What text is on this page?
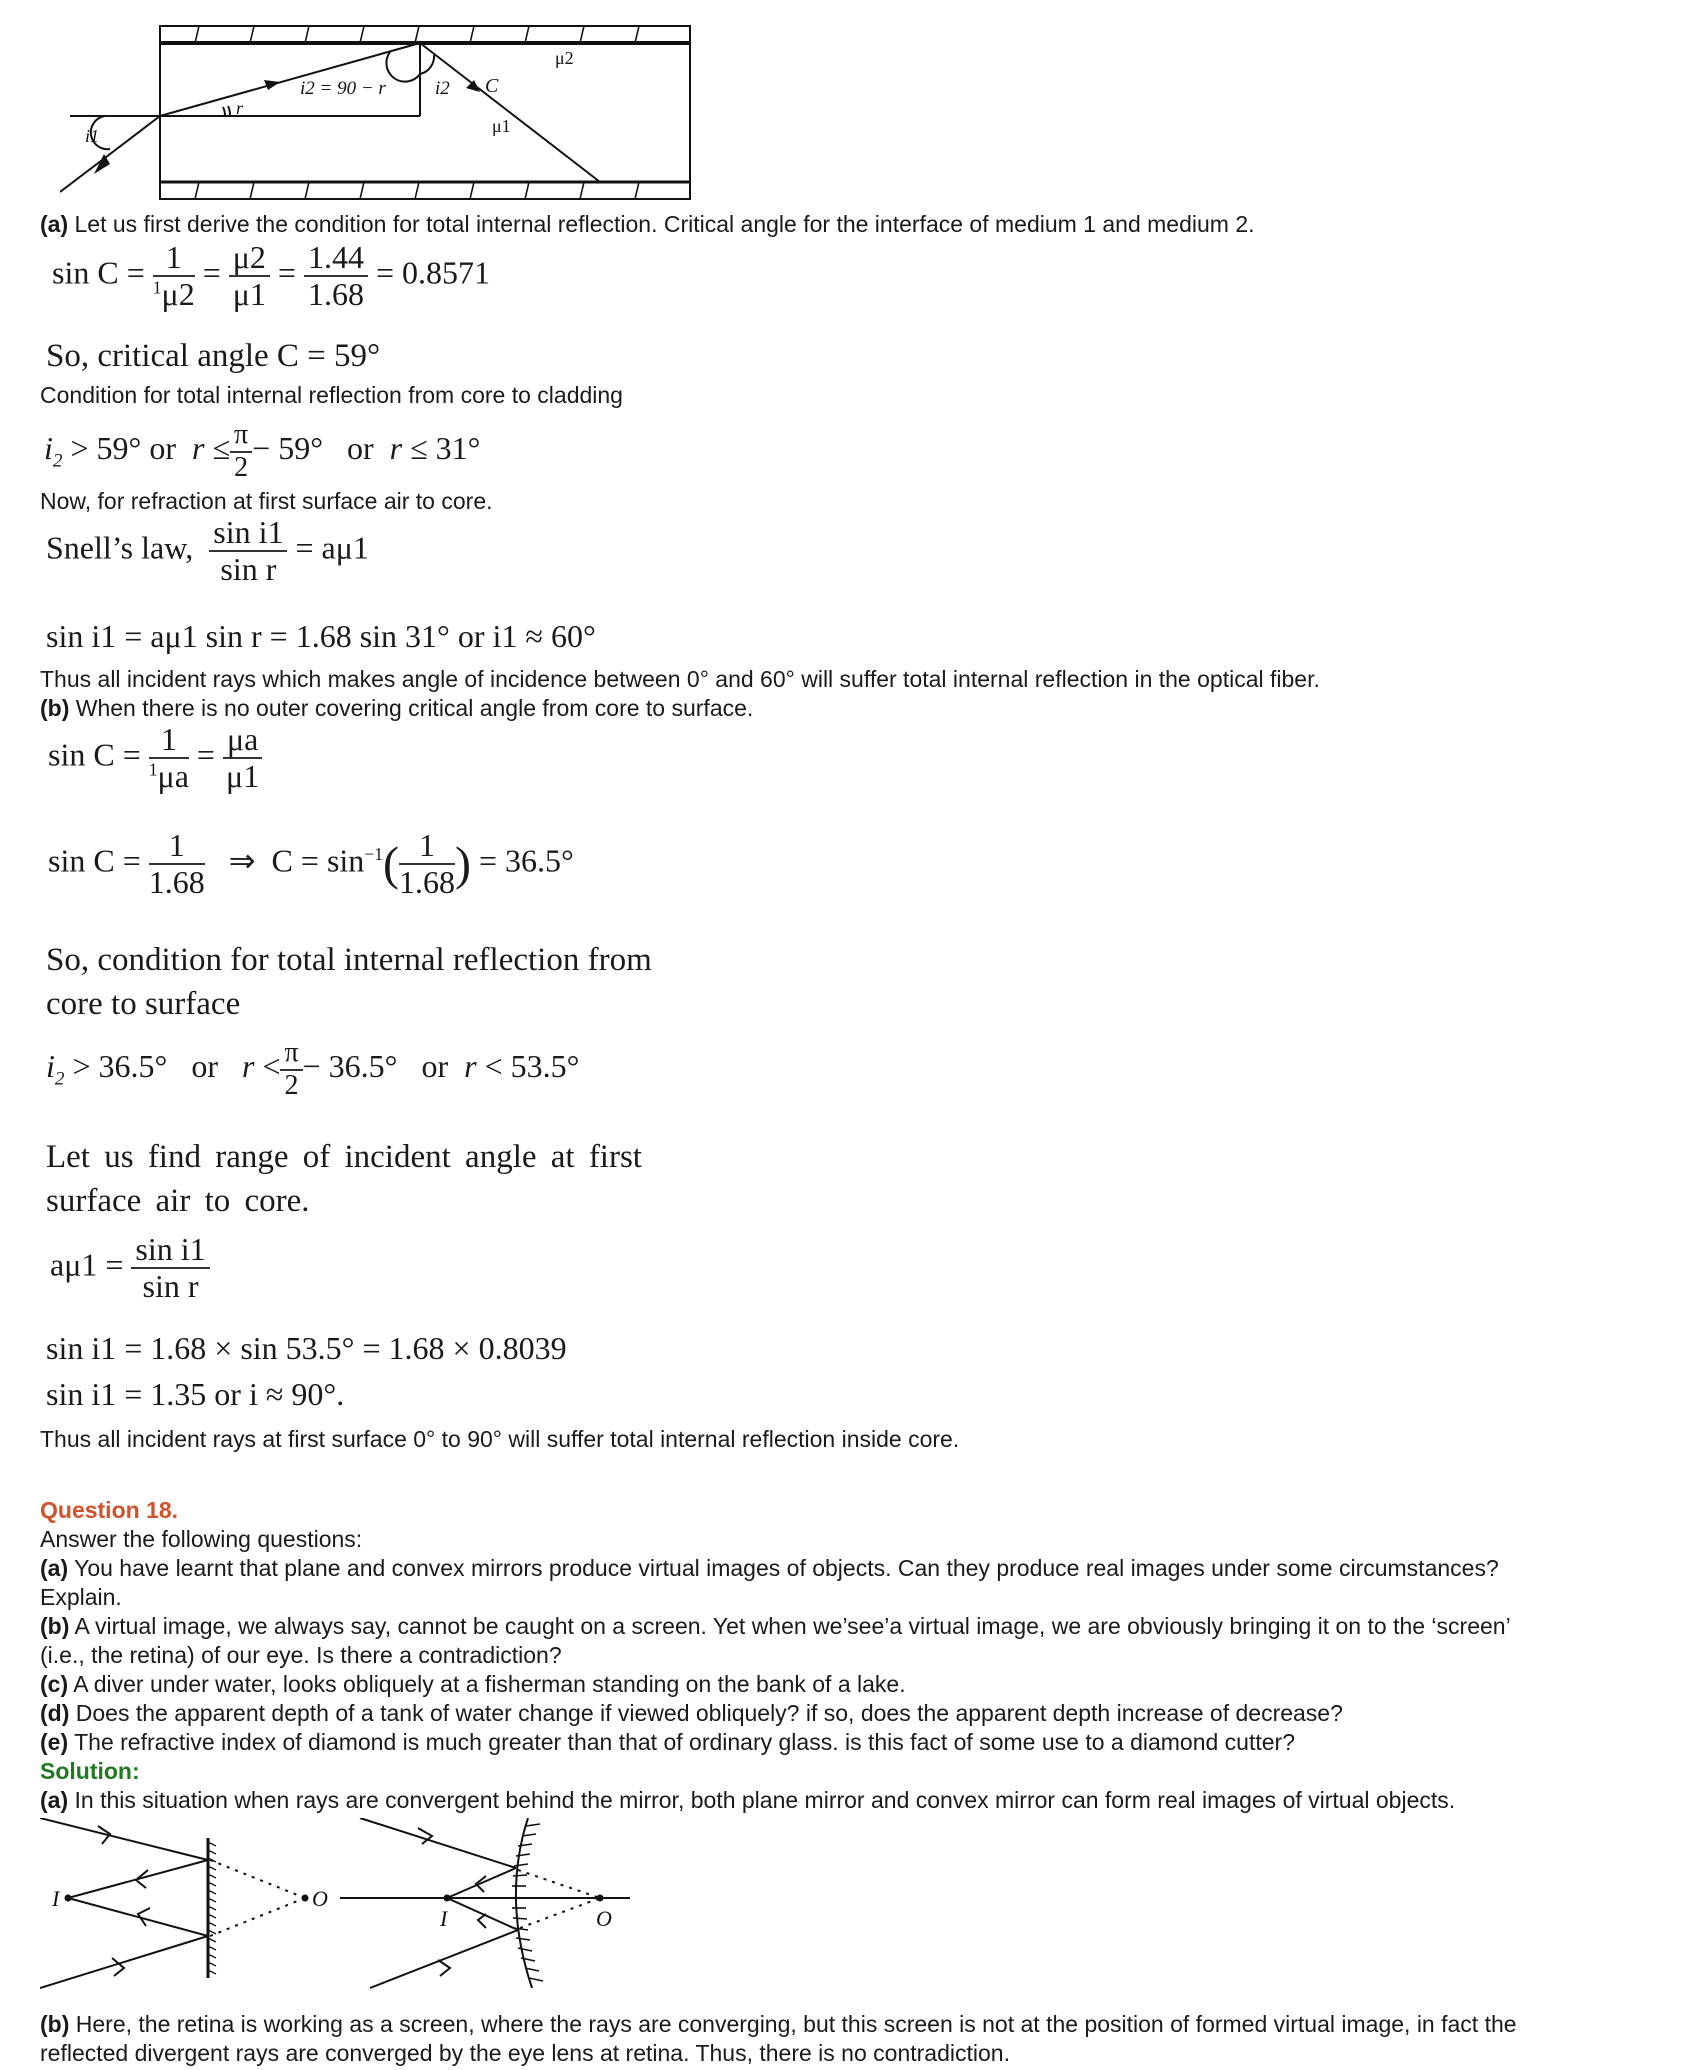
i2 = 90 − r	i2 C
μ2
μ1
r
i1
(a) Let us first derive the condition for total internal reflection. Critical angle for the interface of medium 1 and medium 2.
$\sin C = \frac{1}{^1\mu 2} = \frac{\mu 2}{\mu 1} = \frac{1.44}{1.68} = 0.8571$
So, critical angle C = 59°
Condition for total internal reflection from core to cladding
$i_2 > 59^\circ$ or $r \le \frac{\pi}{2} - 59^\circ$ or r ≤ 31°
Now, for refraction at first surface air to core.
Snell’s law, $\frac{\text{sin i1}}{\text{sin r}} = a\mu 1$
sin i1 = aμ1 sin r = 1.68 sin 31° or i1 ≈ 60°
Thus all incident rays which makes angle of incidence between 0° and 60° will suffer total internal reflection in the optical fiber.
(b) When there is no outer covering critical angle from core to surface.
$\sin C = \frac{1}{^1\mu a} = \frac{\mu a}{\mu 1}$
$\sin C = \frac{1}{1.68}$ ⇒ $C = \sin^{-1}( \frac{1}{1.68}$ ) = 36.5°
So, condition for total internal reflection from
core to surface
$i_2 > 36.5^\circ$ or $r < \frac{\pi}{2} - 36.5^\circ$ or r < 53.5°
Let us find range of incident angle at first
surface air to core.
$a\mu 1 = \frac{\text{sin i1}}{\text{sin r}}$
sin i1 = 1.68 × sin 53.5° = 1.68 × 0.8039
sin i1 = 1.35 or i ≈ 90°.
Thus all incident rays at first surface 0° to 90° will suffer total internal reflection inside core.
Question 18.
Answer the following questions:
(a) You have learnt that plane and convex mirrors produce virtual images of objects. Can they produce real images under some circumstances?
Explain.
(b) A virtual image, we always say, cannot be caught on a screen. Yet when we’see’a virtual image, we are obviously bringing it on to the ‘screen’
(i.e., the retina) of our eye. Is there a contradiction?
(c) A diver under water, looks obliquely at a fisherman standing on the bank of a lake.
(d) Does the apparent depth of a tank of water change if viewed obliquely? if so, does the apparent depth increase of decrease?
(e) The refractive index of diamond is much greater than that of ordinary glass. is this fact of some use to a diamond cutter?
Solution:
(a) In this situation when rays are convergent behind the mirror, both plane mirror and convex mirror can form real images of virtual objects.
I	O
I	O
(b) Here, the retina is working as a screen, where the rays are converging, but this screen is not at the position of formed virtual image, in fact the
reflected divergent rays are converged by the eye lens at retina. Thus, there is no contradiction.
